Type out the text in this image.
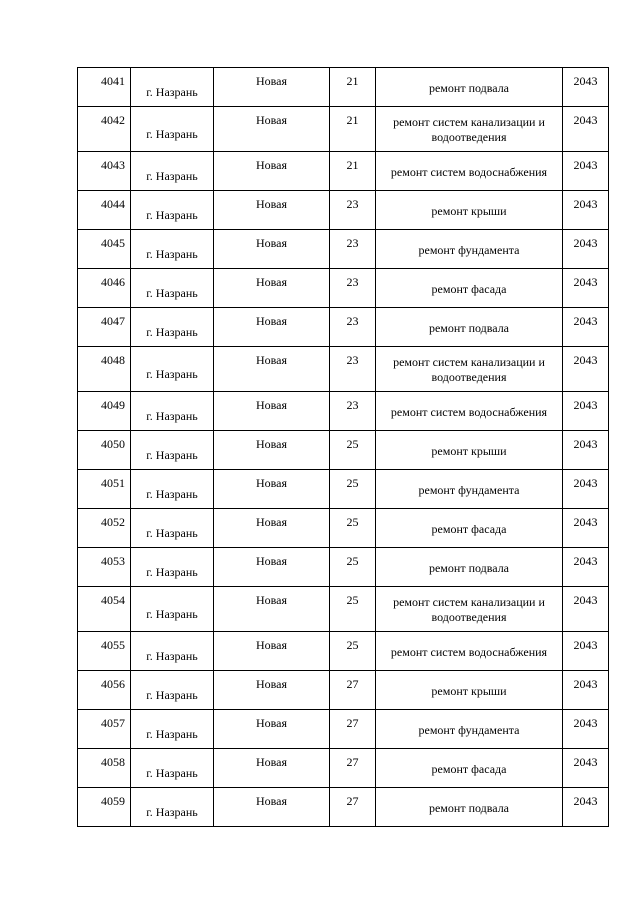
4041	г. Назрань	Новая	21	ремонт подвала	2043
4042	г. Назрань	Новая	21	ремонт систем канализации и водоотведения	2043
4043	г. Назрань	Новая	21	ремонт систем водоснабжения	2043
4044	г. Назрань	Новая	23	ремонт крыши	2043
4045	г. Назрань	Новая	23	ремонт фундамента	2043
4046	г. Назрань	Новая	23	ремонт фасада	2043
4047	г. Назрань	Новая	23	ремонт подвала	2043
4048	г. Назрань	Новая	23	ремонт систем канализации и водоотведения	2043
4049	г. Назрань	Новая	23	ремонт систем водоснабжения	2043
4050	г. Назрань	Новая	25	ремонт крыши	2043
4051	г. Назрань	Новая	25	ремонт фундамента	2043
4052	г. Назрань	Новая	25	ремонт фасада	2043
4053	г. Назрань	Новая	25	ремонт подвала	2043
4054	г. Назрань	Новая	25	ремонт систем канализации и водоотведения	2043
4055	г. Назрань	Новая	25	ремонт систем водоснабжения	2043
4056	г. Назрань	Новая	27	ремонт крыши	2043
4057	г. Назрань	Новая	27	ремонт фундамента	2043
4058	г. Назрань	Новая	27	ремонт фасада	2043
4059	г. Назрань	Новая	27	ремонт подвала	2043
